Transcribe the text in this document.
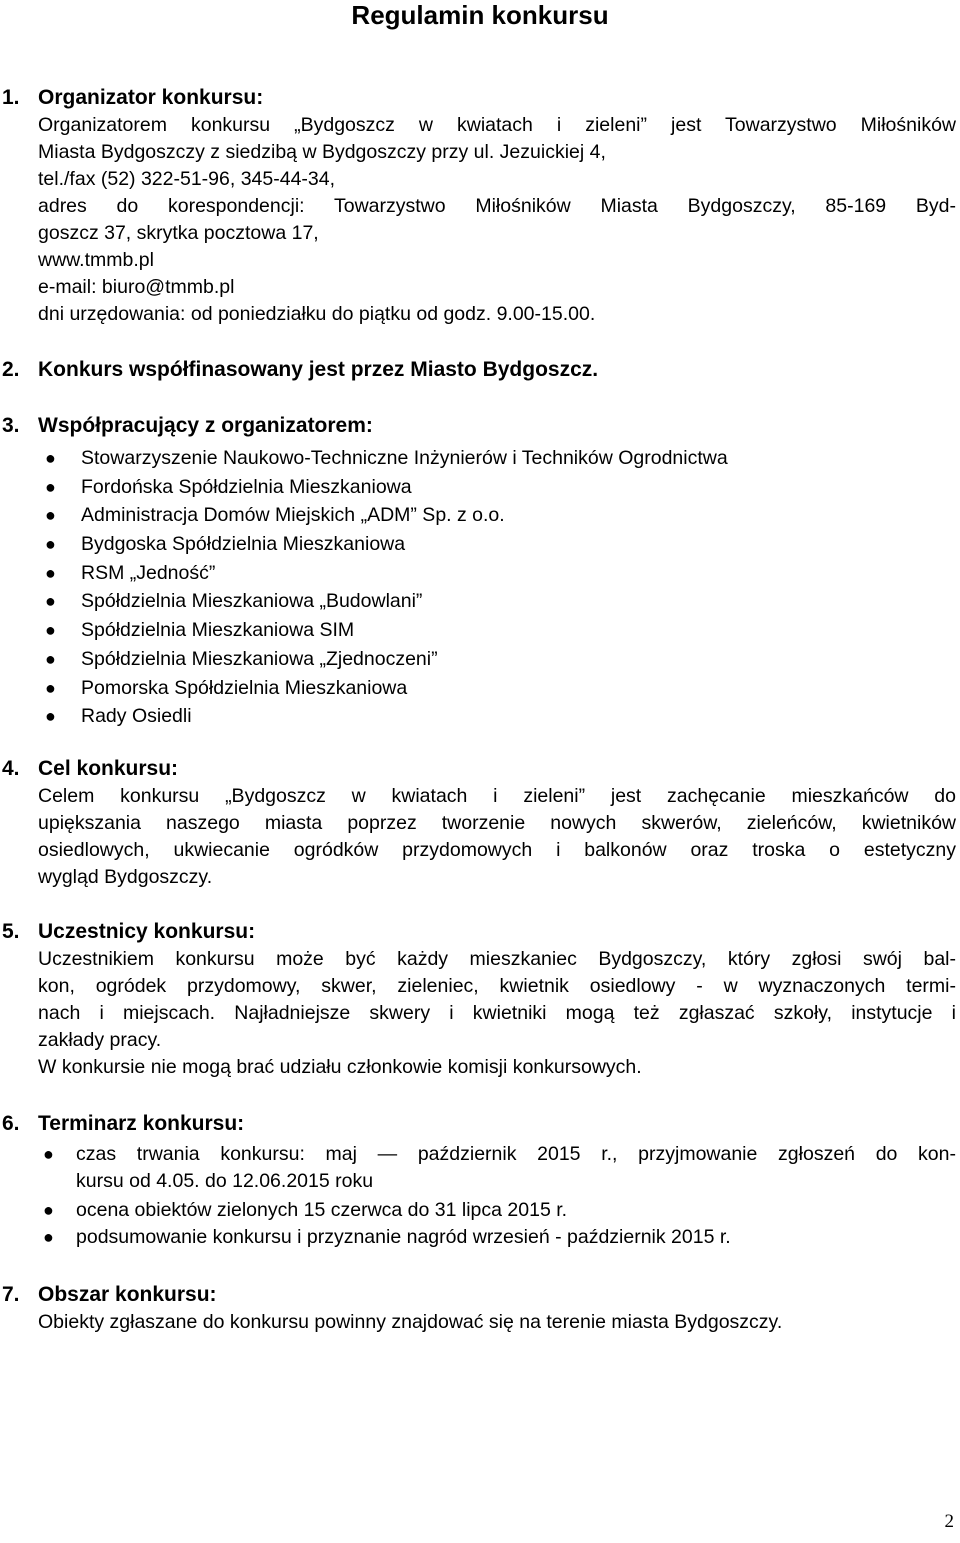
Regulamin konkursu
1. Organizator konkursu:
Organizatorem konkursu „Bydgoszcz w kwiatach i zieleni” jest Towarzystwo Miłośników
Miasta Bydgoszczy z siedzibą w Bydgoszczy przy ul. Jezuickiej 4,
tel./fax (52) 322-51-96, 345-44-34,
adres do korespondencji: Towarzystwo Miłośników Miasta Bydgoszczy, 85-169 Byd-
goszcz 37, skrytka pocztowa 17,
www.tmmb.pl
e-mail: biuro@tmmb.pl
dni urzędowania: od poniedziałku do piątku od godz. 9.00-15.00.
2. Konkurs współfinasowany jest przez Miasto Bydgoszcz.
3. Współpracujący z organizatorem:
● Stowarzyszenie Naukowo-Techniczne Inżynierów i Techników Ogrodnictwa
● Fordońska Spółdzielnia Mieszkaniowa
● Administracja Domów Miejskich „ADM” Sp. z o.o.
● Bydgoska Spółdzielnia Mieszkaniowa
● RSM „Jedność”
● Spółdzielnia Mieszkaniowa „Budowlani”
● Spółdzielnia Mieszkaniowa SIM
● Spółdzielnia Mieszkaniowa „Zjednoczeni”
● Pomorska Spółdzielnia Mieszkaniowa
● Rady Osiedli
4. Cel konkursu:
Celem konkursu „Bydgoszcz w kwiatach i zieleni” jest zachęcanie mieszkańców do
upiększania naszego miasta poprzez tworzenie nowych skwerów, zieleńców, kwietników
osiedlowych, ukwiecanie ogródków przydomowych i balkonów oraz troska o estetyczny
wygląd Bydgoszczy.
5. Uczestnicy konkursu:
Uczestnikiem konkursu może być każdy mieszkaniec Bydgoszczy, który zgłosi swój bal-
kon, ogródek przydomowy, skwer, zieleniec, kwietnik osiedlowy - w wyznaczonych termi-
nach i miejscach. Najładniejsze skwery i kwietniki mogą też zgłaszać szkoły, instytucje i
zakłady pracy.
W konkursie nie mogą brać udziału członkowie komisji konkursowych.
6. Terminarz konkursu:
● czas trwania konkursu: maj — październik 2015 r., przyjmowanie zgłoszeń do kon-
kursu od 4.05. do 12.06.2015 roku
● ocena obiektów zielonych 15 czerwca do 31 lipca 2015 r.
● podsumowanie konkursu i przyznanie nagród wrzesień - październik 2015 r.
7. Obszar konkursu:
Obiekty zgłaszane do konkursu powinny znajdować się na terenie miasta Bydgoszczy.
2
